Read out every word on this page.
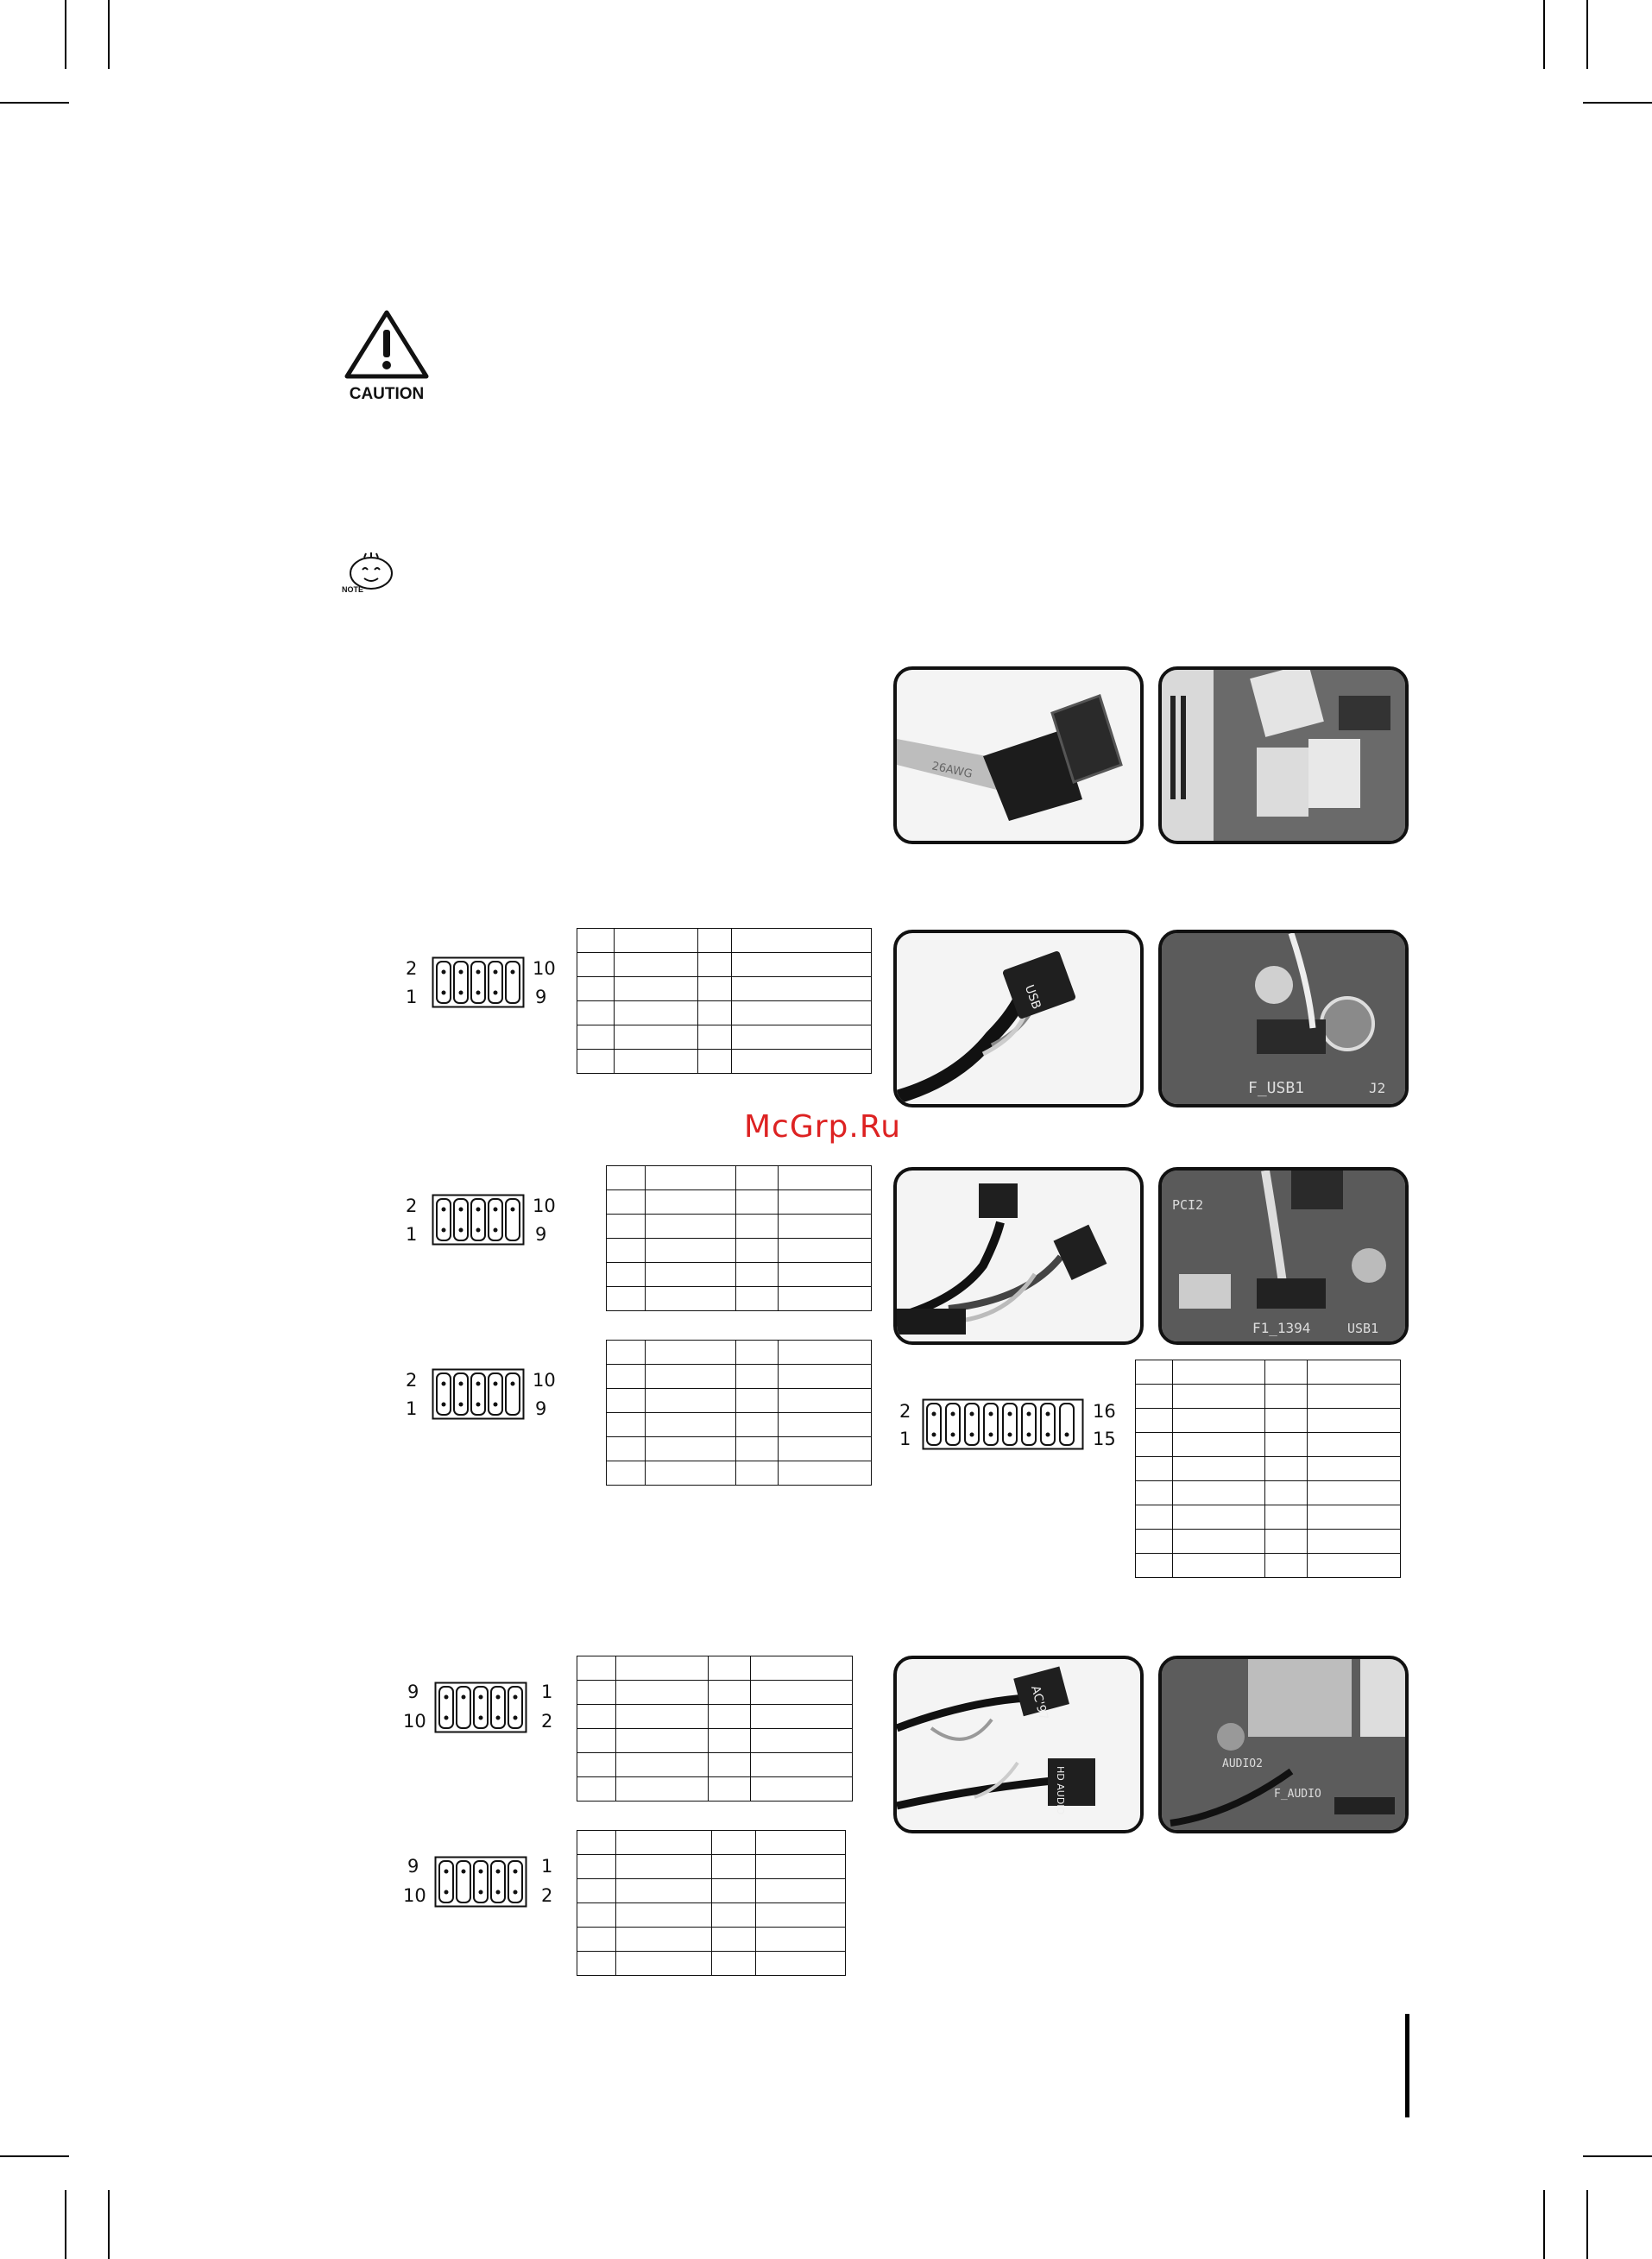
CAUTION
NOTE
McGrp.Ru
2
1
10
9
2
1
10
9
2
1
10
9	2
1
16
15
9
10
1
2
9
10
1
2

26AWG
USB
F_USB1	J2
PCI2
F1_1394	USB1
AC'97
HD AUDIO
AUDIO2
F_AUDIO
